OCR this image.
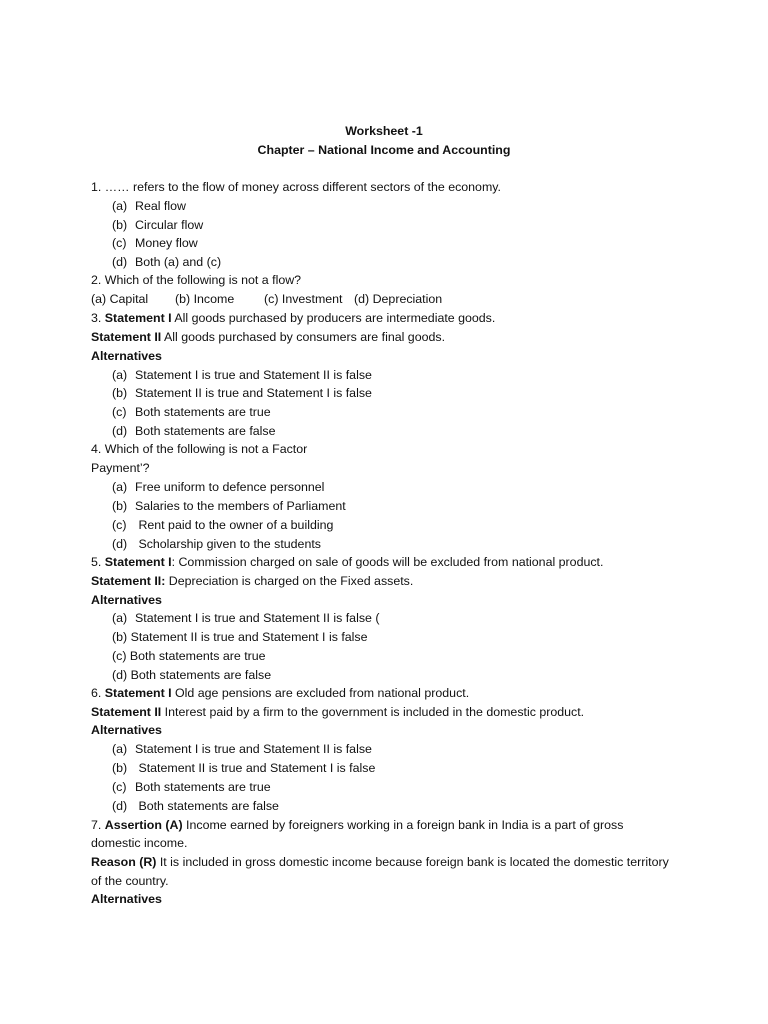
Worksheet -1
Chapter – National Income and Accounting
1. …… refers to the flow of money across different sectors of the economy.
(a) Real flow
(b) Circular flow
(c) Money flow
(d) Both (a) and (c)
2. Which of the following is not a flow?
(a) Capital (b) Income (c) Investment (d) Depreciation
3. Statement I All goods purchased by producers are intermediate goods.
Statement II All goods purchased by consumers are final goods.
Alternatives
(a) Statement I is true and Statement II is false
(b) Statement II is true and Statement I is false
(c) Both statements are true
(d) Both statements are false
4. Which of the following is not a Factor
Payment’?
(a) Free uniform to defence personnel
(b) Salaries to the members of Parliament
(c) Rent paid to the owner of a building
(d) Scholarship given to the students
5. Statement I: Commission charged on sale of goods will be excluded from national product.
Statement II: Depreciation is charged on the Fixed assets.
Alternatives
(a) Statement I is true and Statement II is false (
(b) Statement II is true and Statement I is false
(c) Both statements are true
(d) Both statements are false
6. Statement I Old age pensions are excluded from national product.
Statement II Interest paid by a firm to the government is included in the domestic product.
Alternatives
(a) Statement I is true and Statement II is false
(b) Statement II is true and Statement I is false
(c) Both statements are true
(d) Both statements are false
7. Assertion (A) Income earned by foreigners working in a foreign bank in India is a part of gross
domestic income.
Reason (R) It is included in gross domestic income because foreign bank is located the domestic territory
of the country.
Alternatives
